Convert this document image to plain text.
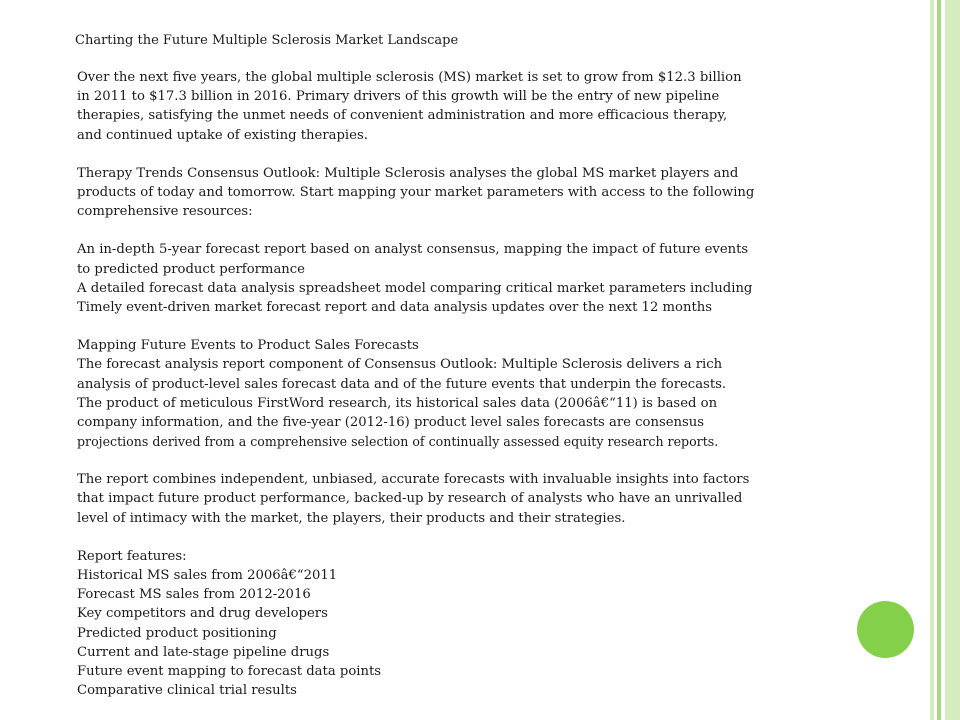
Charting the Future Multiple Sclerosis Market Landscape
Over the next five years, the global multiple sclerosis (MS) market is set to grow from $12.3 billion
in 2011 to $17.3 billion in 2016. Primary drivers of this growth will be the entry of new pipeline
therapies, satisfying the unmet needs of convenient administration and more efficacious therapy,
and continued uptake of existing therapies.
Therapy Trends Consensus Outlook: Multiple Sclerosis analyses the global MS market players and
products of today and tomorrow. Start mapping your market parameters with access to the following
comprehensive resources:
An in-depth 5-year forecast report based on analyst consensus, mapping the impact of future events
to predicted product performance
A detailed forecast data analysis spreadsheet model comparing critical market parameters including
Timely event-driven market forecast report and data analysis updates over the next 12 months
Mapping Future Events to Product Sales Forecasts
The forecast analysis report component of Consensus Outlook: Multiple Sclerosis delivers a rich
analysis of product-level sales forecast data and of the future events that underpin the forecasts.
The product of meticulous FirstWord research, its historical sales data (2006â€“11) is based on
company information, and the five-year (2012-16) product level sales forecasts are consensus
projections derived from a comprehensive selection of continually assessed equity research reports.
The report combines independent, unbiased, accurate forecasts with invaluable insights into factors
that impact future product performance, backed-up by research of analysts who have an unrivalled
level of intimacy with the market, the players, their products and their strategies.
Report features:
Historical MS sales from 2006â€“2011
Forecast MS sales from 2012-2016
Key competitors and drug developers
Predicted product positioning
Current and late-stage pipeline drugs
Future event mapping to forecast data points
Comparative clinical trial results
